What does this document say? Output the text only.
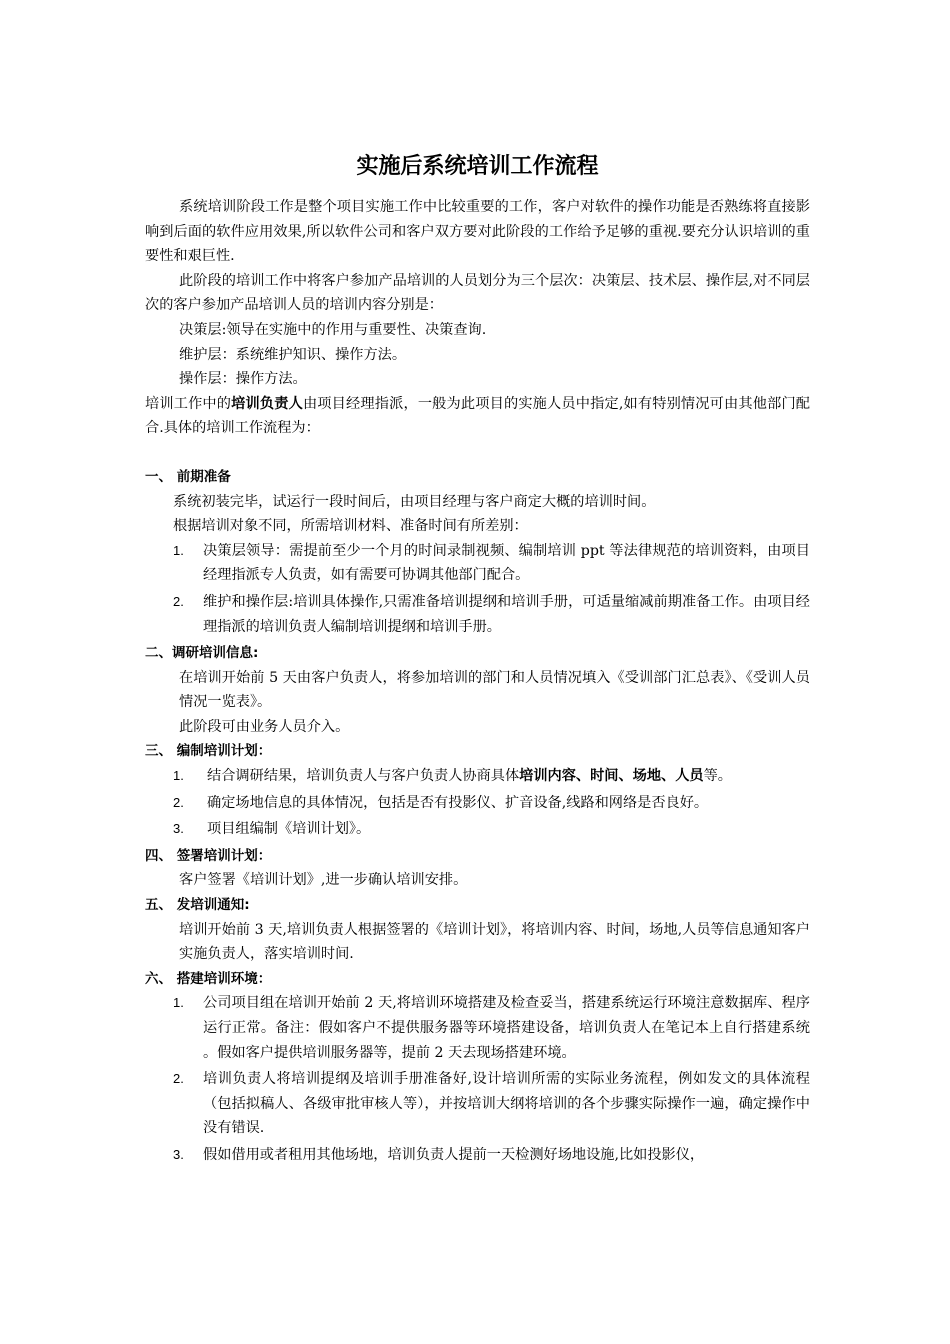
实施后系统培训工作流程

系统培训阶段工作是整个项目实施工作中比较重要的工作，客户对软件的操作功能是否熟练将直接影响到后面的软件应用效果,所以软件公司和客户双方要对此阶段的工作给予足够的重视.要充分认识培训的重要性和艰巨性.

此阶段的培训工作中将客户参加产品培训的人员划分为三个层次：决策层、技术层、操作层,对不同层次的客户参加产品培训人员的培训内容分别是：

决策层:领导在实施中的作用与重要性、决策查询.

维护层：系统维护知识、操作方法。

操作层：操作方法。

培训工作中的培训负责人由项目经理指派，一般为此项目的实施人员中指定,如有特别情况可由其他部门配合.具体的培训工作流程为：

一、 前期准备

系统初装完毕，试运行一段时间后，由项目经理与客户商定大概的培训时间。

根据培训对象不同，所需培训材料、准备时间有所差别：

1. 决策层领导：需提前至少一个月的时间录制视频、编制培训 ppt 等法律规范的培训资料，由项目经理指派专人负责，如有需要可协调其他部门配合。
2. 维护和操作层:培训具体操作,只需准备培训提纲和培训手册，可适量缩减前期准备工作。由项目经理指派的培训负责人编制培训提纲和培训手册。

二、调研培训信息:

在培训开始前 5 天由客户负责人，将参加培训的部门和人员情况填入《受训部门汇总表》、《受训人员情况一览表》。

此阶段可由业务人员介入。

三、 编制培训计划：

1. 结合调研结果，培训负责人与客户负责人协商具体培训内容、时间、场地、人员等。
2. 确定场地信息的具体情况，包括是否有投影仪、扩音设备,线路和网络是否良好。
3. 项目组编制《培训计划》。

四、 签署培训计划：

客户签署《培训计划》,进一步确认培训安排。

五、 发培训通知:

培训开始前 3 天,培训负责人根据签署的《培训计划》，将培训内容、时间，场地,人员等信息通知客户实施负责人，落实培训时间.

六、 搭建培训环境：

1. 公司项目组在培训开始前 2 天,将培训环境搭建及检查妥当，搭建系统运行环境注意数据库、程序运行正常。备注：假如客户不提供服务器等环境搭建设备，培训负责人在笔记本上自行搭建系统 。假如客户提供培训服务器等，提前 2 天去现场搭建环境。
2. 培训负责人将培训提纲及培训手册准备好,设计培训所需的实际业务流程，例如发文的具体流程（包括拟稿人、各级审批审核人等），并按培训大纲将培训的各个步骤实际操作一遍，确定操作中没有错误.
3. 假如借用或者租用其他场地，培训负责人提前一天检测好场地设施,比如投影仪，
